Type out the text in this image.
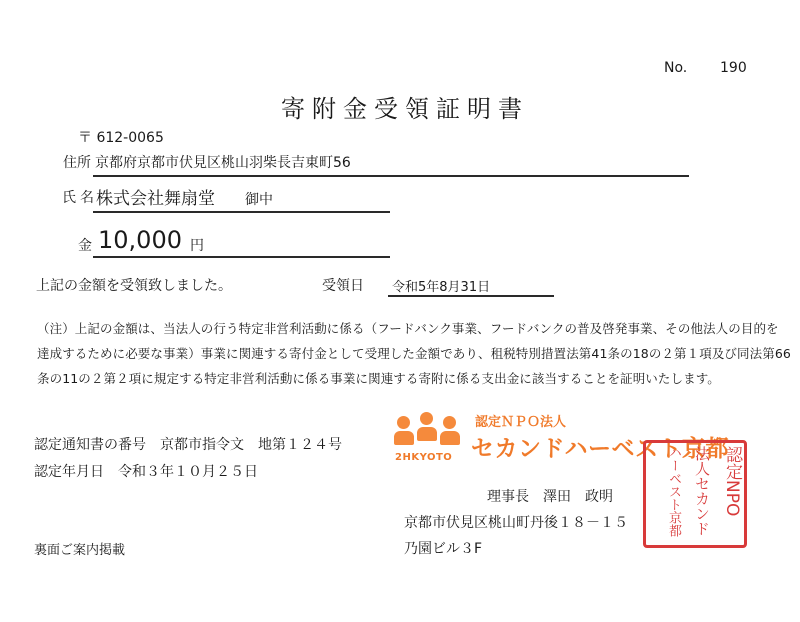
No. 190
寄附金受領証明書
〒 612-0065
住所 京都府京都市伏見区桃山羽柴長吉東町56
氏 名 株式会社舞扇堂 御中
金 10,000 円
上記の金額を受領致しました。	受領日 令和5年8月31日
（注）上記の金額は、当法人の行う特定非営利活動に係る（フードバンク事業、フードバンクの普及啓発事業、その他法人の目的を
達成するために必要な事業）事業に関連する寄付金として受理した金額であり、租税特別措置法第41条の18の２第１項及び同法第66
条の11の２第２項に規定する特定非営利活動に係る事業に関連する寄附に係る支出金に該当することを証明いたします。
認定通知書の番号　京都市指令文　地第１２４号
認定年月日　令和３年１０月２５日
裏面ご案内掲載
2HKYOTO
認定ＮＰＯ法人
セカンドハーベスト京都
理事長　澤田　政明
京都市伏見区桃山町丹後１８－１５
乃園ビル３F
認定NPO
法人セカンド
ハーベスト京都
